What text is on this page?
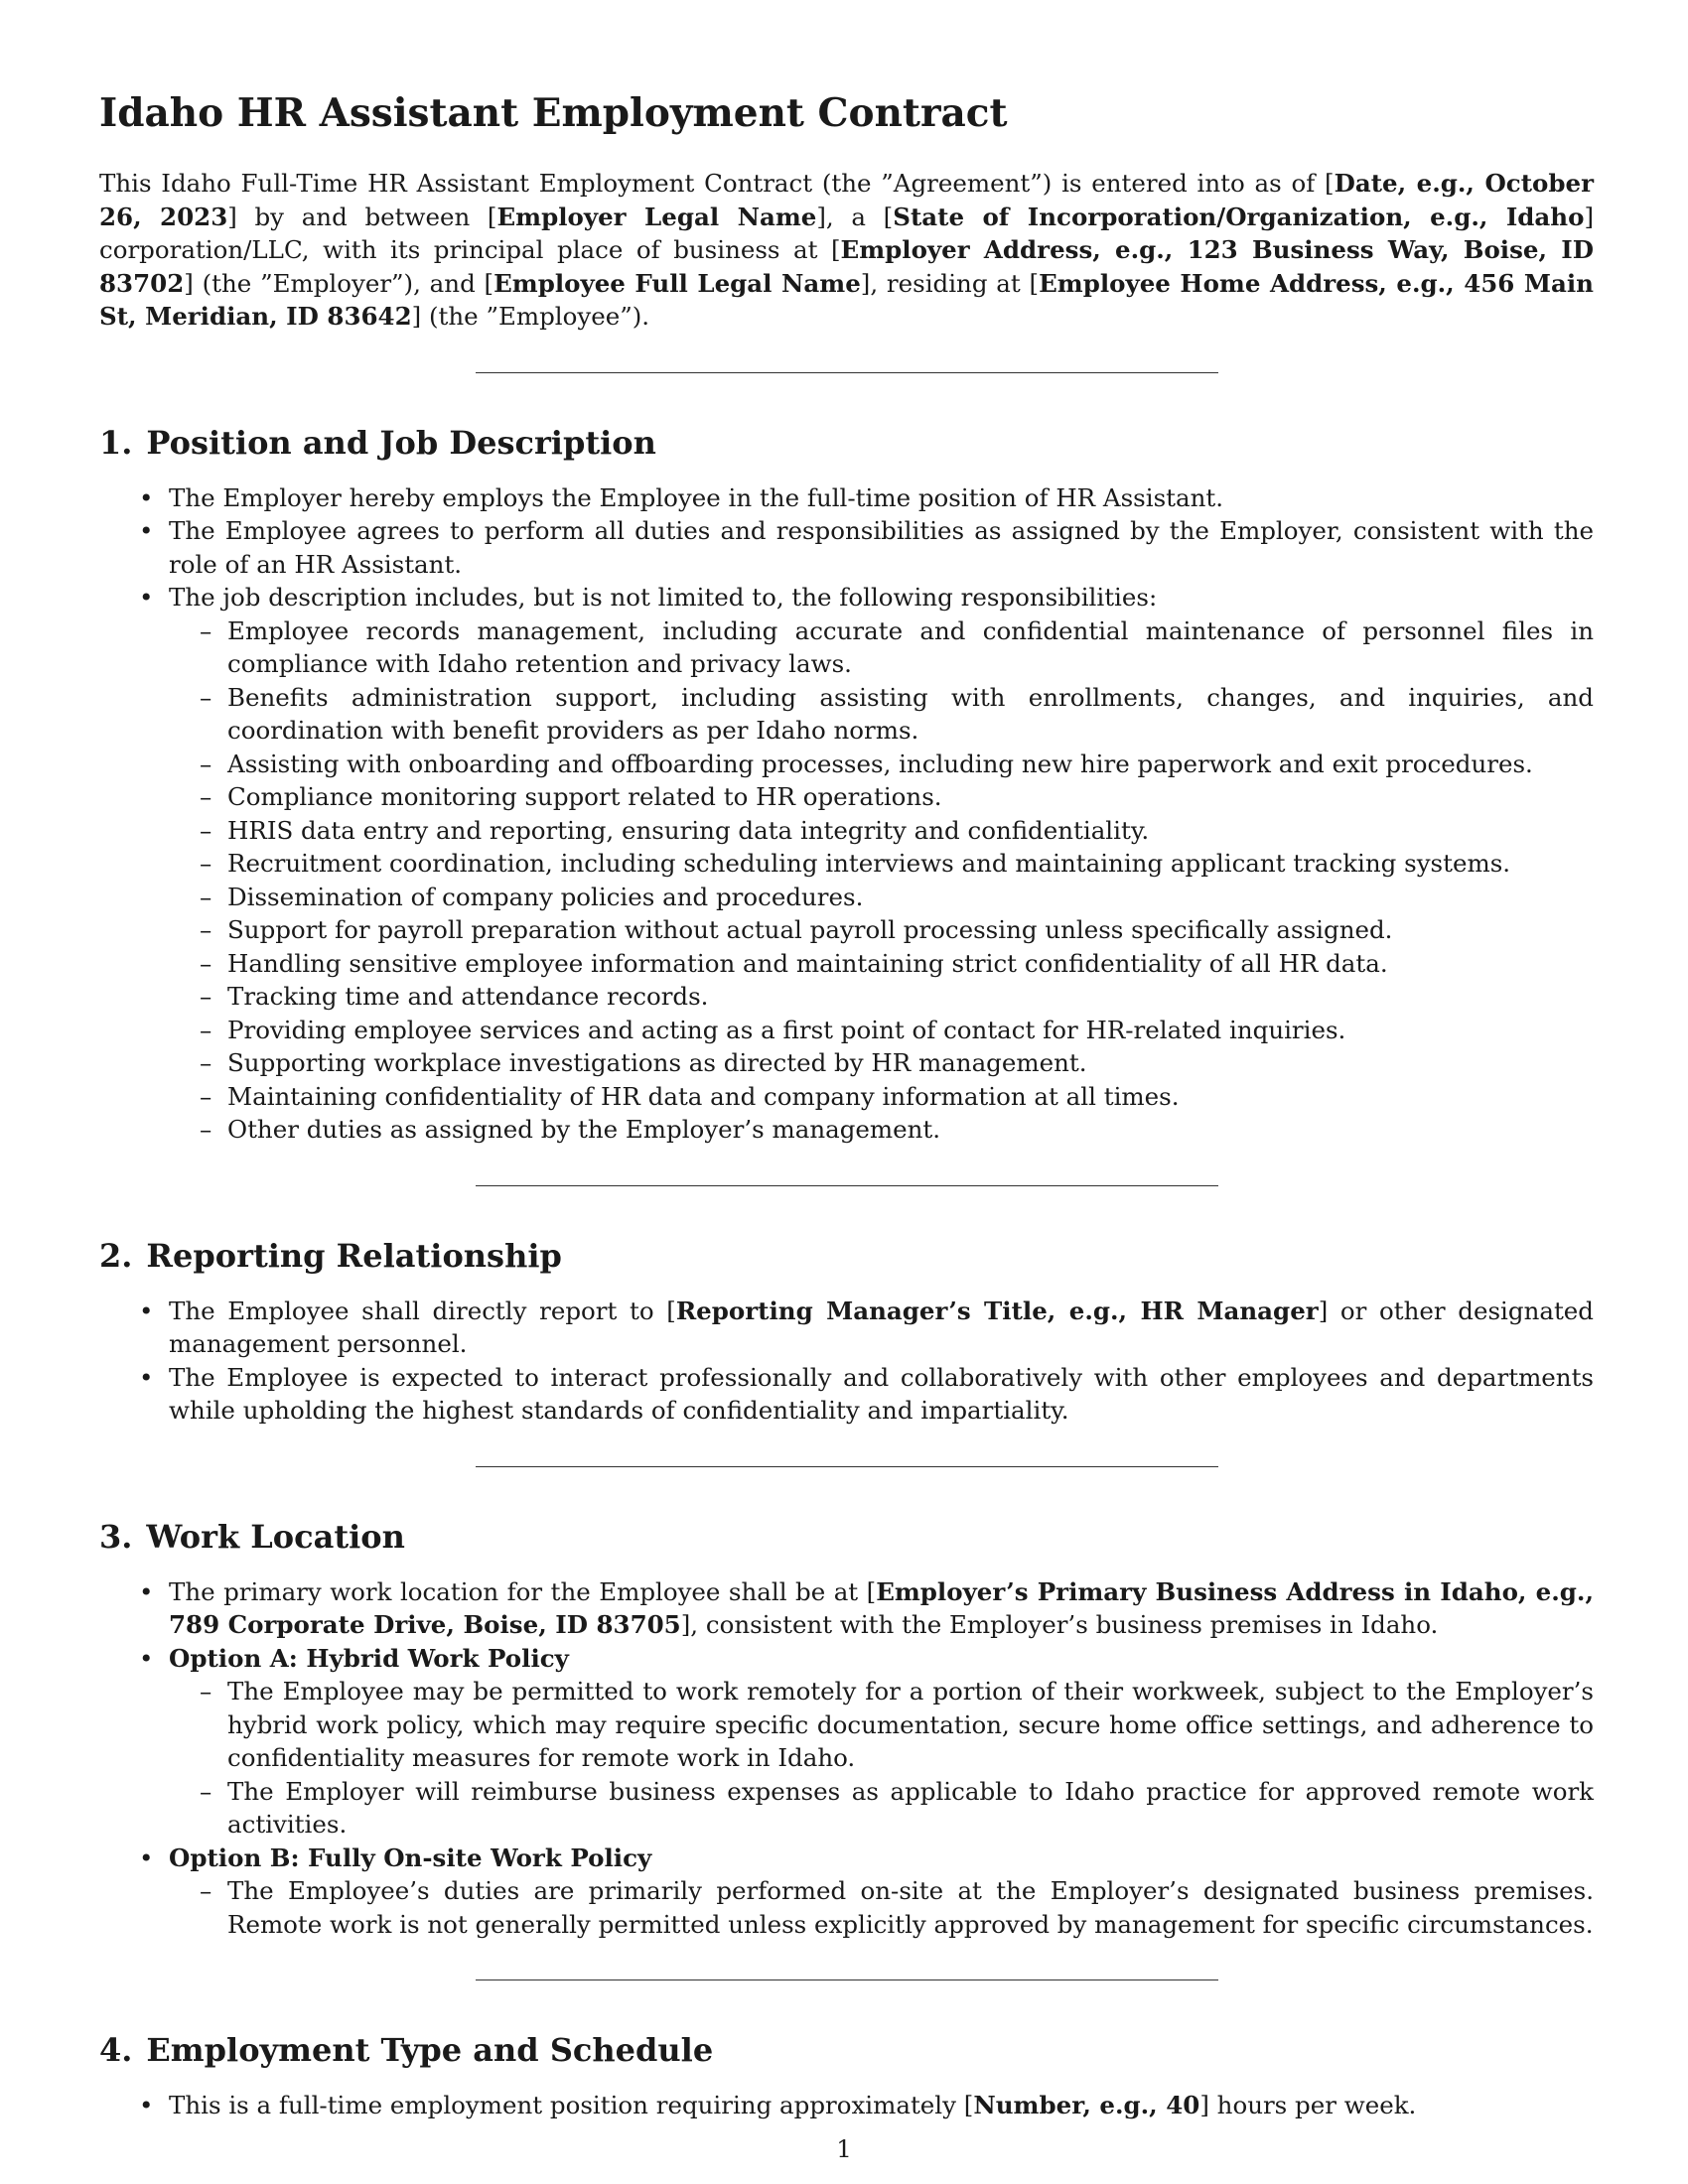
Idaho HR Assistant Employment Contract

This Idaho Full-Time HR Assistant Employment Contract (the ”Agreement”) is entered into as of [Date, e.g., October 26, 2023] by and between [Employer Legal Name], a [State of Incorporation/Organization, e.g., Idaho] corporation/LLC, with its principal place of business at [Employer Address, e.g., 123 Business Way, Boise, ID 83702] (the ”Employer”), and [Employee Full Legal Name], residing at [Employee Home Address, e.g., 456 Main St, Meridian, ID 83642] (the ”Employee”).

1. Position and Job Description
• The Employer hereby employs the Employee in the full-time position of HR Assistant.
• The Employee agrees to perform all duties and responsibilities as assigned by the Employer, consistent with the role of an HR Assistant.
• The job description includes, but is not limited to, the following responsibilities:
– Employee records management, including accurate and confidential maintenance of personnel files in compliance with Idaho retention and privacy laws.
– Benefits administration support, including assisting with enrollments, changes, and inquiries, and coordination with benefit providers as per Idaho norms.
– Assisting with onboarding and offboarding processes, including new hire paperwork and exit procedures.
– Compliance monitoring support related to HR operations.
– HRIS data entry and reporting, ensuring data integrity and confidentiality.
– Recruitment coordination, including scheduling interviews and maintaining applicant tracking systems.
– Dissemination of company policies and procedures.
– Support for payroll preparation without actual payroll processing unless specifically assigned.
– Handling sensitive employee information and maintaining strict confidentiality of all HR data.
– Tracking time and attendance records.
– Providing employee services and acting as a first point of contact for HR-related inquiries.
– Supporting workplace investigations as directed by HR management.
– Maintaining confidentiality of HR data and company information at all times.
– Other duties as assigned by the Employer’s management.
2. Reporting Relationship
• The Employee shall directly report to [Reporting Manager’s Title, e.g., HR Manager] or other designated management personnel.
• The Employee is expected to interact professionally and collaboratively with other employees and departments while upholding the highest standards of confidentiality and impartiality.
3. Work Location
• The primary work location for the Employee shall be at [Employer’s Primary Business Address in Idaho, e.g., 789 Corporate Drive, Boise, ID 83705], consistent with the Employer’s business premises in Idaho.
• Option A: Hybrid Work Policy
– The Employee may be permitted to work remotely for a portion of their workweek, subject to the Employer’s hybrid work policy, which may require specific documentation, secure home office settings, and adherence to confidentiality measures for remote work in Idaho.
– The Employer will reimburse business expenses as applicable to Idaho practice for approved remote work activities.
• Option B: Fully On-site Work Policy
– The Employee’s duties are primarily performed on-site at the Employer’s designated business premises. Remote work is not generally permitted unless explicitly approved by management for specific circumstances.
4. Employment Type and Schedule
• This is a full-time employment position requiring approximately [Number, e.g., 40] hours per week.
1
